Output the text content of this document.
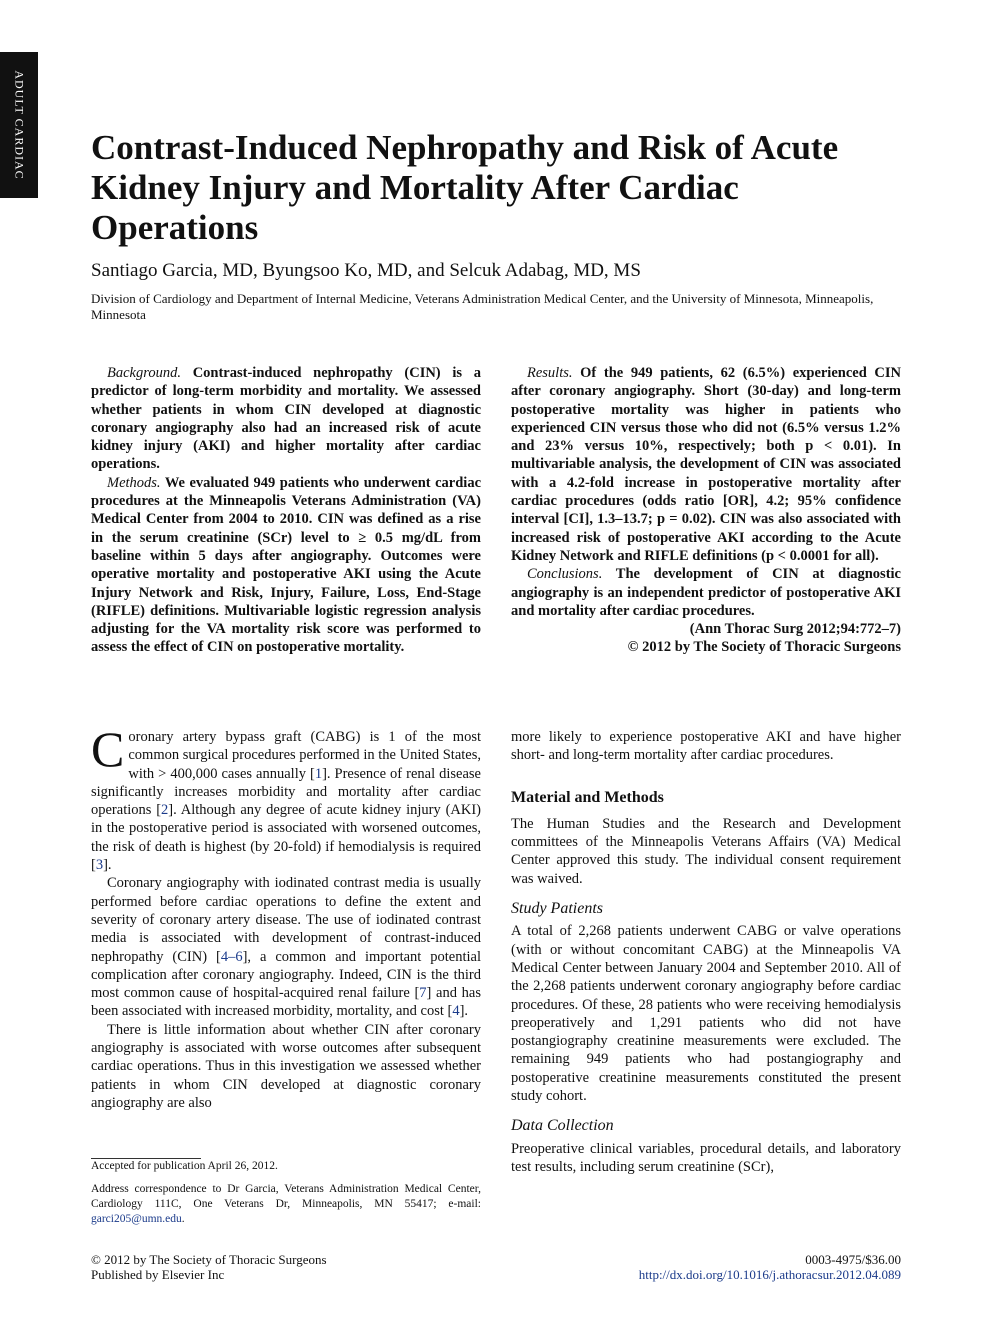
ADULT CARDIAC Contrast-Induced Nephropathy and Risk of Acute Kidney Injury and Mortality After Cardiac Operations
Santiago Garcia, MD, Byungsoo Ko, MD, and Selcuk Adabag, MD, MS
Division of Cardiology and Department of Internal Medicine, Veterans Administration Medical Center, and the University of Minnesota, Minneapolis, Minnesota

Background. Contrast-induced nephropathy (CIN) is a predictor of long-term morbidity and mortality. We assessed whether patients in whom CIN developed at diagnostic coronary angiography also had an increased risk of acute kidney injury (AKI) and higher mortality after cardiac operations.

Methods. We evaluated 949 patients who underwent cardiac procedures at the Minneapolis Veterans Administration (VA) Medical Center from 2004 to 2010. CIN was defined as a rise in the serum creatinine (SCr) level to ≥ 0.5 mg/dL from baseline within 5 days after angiography. Outcomes were operative mortality and postoperative AKI using the Acute Injury Network and Risk, Injury, Failure, Loss, End-Stage (RIFLE) definitions. Multivariable logistic regression analysis adjusting for the VA mortality risk score was performed to assess the effect of CIN on postoperative mortality.

Results. Of the 949 patients, 62 (6.5%) experienced CIN after coronary angiography. Short (30-day) and long-term postoperative mortality was higher in patients who experienced CIN versus those who did not (6.5% versus 1.2% and 23% versus 10%, respectively; both p < 0.01). In multivariable analysis, the development of CIN was associated with a 4.2-fold increase in postoperative mortality after cardiac procedures (odds ratio [OR], 4.2; 95% confidence interval [CI], 1.3–13.7; p = 0.02). CIN was also associated with increased risk of postoperative AKI according to the Acute Kidney Network and RIFLE definitions (p < 0.0001 for all).

Conclusions. The development of CIN at diagnostic angiography is an independent predictor of postoperative AKI and mortality after cardiac procedures.

(Ann Thorac Surg 2012;94:772–7)

© 2012 by The Society of Thoracic Surgeons

Coronary artery bypass graft (CABG) is 1 of the most common surgical procedures performed in the United States, with > 400,000 cases annually [1]. Presence of renal disease significantly increases morbidity and mortality after cardiac operations [2]. Although any degree of acute kidney injury (AKI) in the postoperative period is associated with worsened outcomes, the risk of death is highest (by 20-fold) if hemodialysis is required [3].

Coronary angiography with iodinated contrast media is usually performed before cardiac operations to define the extent and severity of coronary artery disease. The use of iodinated contrast media is associated with development of contrast-induced nephropathy (CIN) [4–6], a common and important potential complication after coronary angiography. Indeed, CIN is the third most common cause of hospital-acquired renal failure [7] and has been associated with increased morbidity, mortality, and cost [4].

There is little information about whether CIN after coronary angiography is associated with worse outcomes after subsequent cardiac operations. Thus in this investigation we assessed whether patients in whom CIN developed at diagnostic coronary angiography are also

more likely to experience postoperative AKI and have higher short- and long-term mortality after cardiac procedures.

Material and Methods

The Human Studies and the Research and Development committees of the Minneapolis Veterans Affairs (VA) Medical Center approved this study. The individual consent requirement was waived.

Study Patients

A total of 2,268 patients underwent CABG or valve operations (with or without concomitant CABG) at the Minneapolis VA Medical Center between January 2004 and September 2010. All of the 2,268 patients underwent coronary angiography before cardiac procedures. Of these, 28 patients who were receiving hemodialysis preoperatively and 1,291 patients who did not have postangiography creatinine measurements were excluded. The remaining 949 patients who had postangiography and postoperative creatinine measurements constituted the present study cohort.

Data Collection

Preoperative clinical variables, procedural details, and laboratory test results, including serum creatinine (SCr),

Accepted for publication April 26, 2012.
Address correspondence to Dr Garcia, Veterans Administration Medical Center, Cardiology 111C, One Veterans Dr, Minneapolis, MN 55417; e-mail: garci205@umn.edu.
© 2012 by The Society of Thoracic Surgeons
Published by Elsevier Inc
0003-4975/$36.00
http://dx.doi.org/10.1016/j.athoracsur.2012.04.089
